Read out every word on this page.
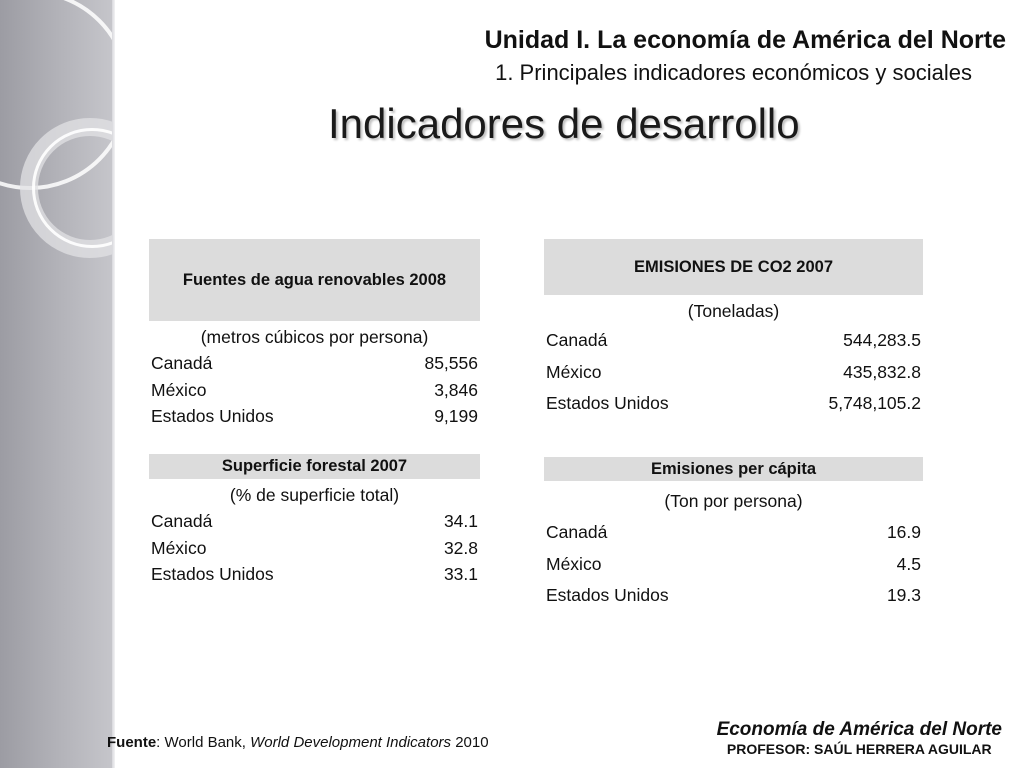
Unidad I. La economía de América del Norte
1. Principales indicadores económicos y sociales
Indicadores de desarrollo
Fuentes de agua renovables 2008
(metros cúbicos por persona)
Canadá	85,556
México	3,846
Estados Unidos	9,199
Superficie forestal 2007
(% de superficie total)
Canadá	34.1
México	32.8
Estados Unidos	33.1
EMISIONES DE CO2 2007
(Toneladas)
Canadá	544,283.5
México	435,832.8
Estados Unidos	5,748,105.2
Emisiones per cápita
(Ton por persona)
Canadá	16.9
México	4.5
Estados Unidos	19.3
Fuente: World Bank, World Development Indicators 2010
Economía de América del Norte
PROFESOR: SAÚL HERRERA AGUILAR
